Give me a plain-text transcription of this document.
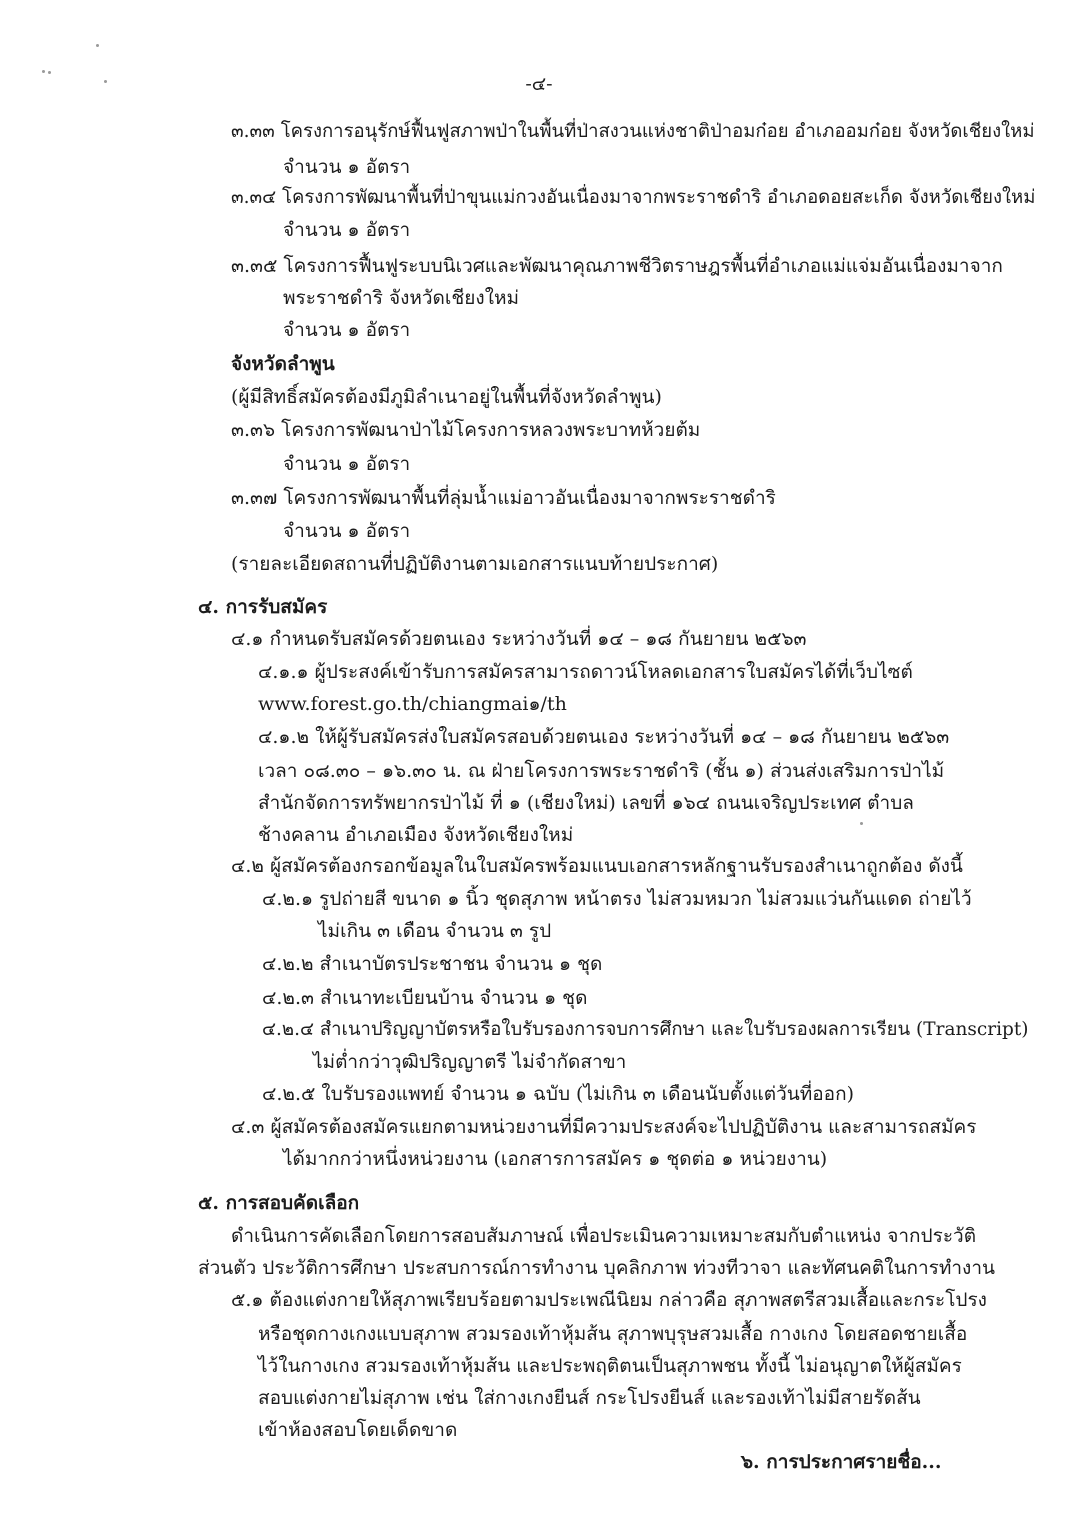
-๔-
๓.๓๓ โครงการอนุรักษ์ฟื้นฟูสภาพป่าในพื้นที่ป่าสงวนแห่งชาติป่าอมก๋อย อำเภออมก๋อย จังหวัดเชียงใหม่
จำนวน ๑ อัตรา
๓.๓๔ โครงการพัฒนาพื้นที่ป่าขุนแม่กวงอันเนื่องมาจากพระราชดำริ อำเภอดอยสะเก็ด จังหวัดเชียงใหม่
จำนวน ๑ อัตรา
๓.๓๕ โครงการฟื้นฟูระบบนิเวศและพัฒนาคุณภาพชีวิตราษฎรพื้นที่อำเภอแม่แจ่มอันเนื่องมาจาก
พระราชดำริ จังหวัดเชียงใหม่
จำนวน ๑ อัตรา
จังหวัดลำพูน
(ผู้มีสิทธิ์สมัครต้องมีภูมิลำเนาอยู่ในพื้นที่จังหวัดลำพูน)
๓.๓๖ โครงการพัฒนาป่าไม้โครงการหลวงพระบาทห้วยต้ม
จำนวน ๑ อัตรา
๓.๓๗ โครงการพัฒนาพื้นที่ลุ่มน้ำแม่อาวอันเนื่องมาจากพระราชดำริ
จำนวน ๑ อัตรา
(รายละเอียดสถานที่ปฏิบัติงานตามเอกสารแนบท้ายประกาศ)
๔. การรับสมัคร
๔.๑ กำหนดรับสมัครด้วยตนเอง ระหว่างวันที่ ๑๔ – ๑๘ กันยายน ๒๕๖๓
๔.๑.๑ ผู้ประสงค์เข้ารับการสมัครสามารถดาวน์โหลดเอกสารใบสมัครได้ที่เว็บไซต์
www.forest.go.th/chiangmai๑/th
๔.๑.๒ ให้ผู้รับสมัครส่งใบสมัครสอบด้วยตนเอง ระหว่างวันที่ ๑๔ – ๑๘ กันยายน ๒๕๖๓
เวลา ๐๘.๓๐ – ๑๖.๓๐ น. ณ ฝ่ายโครงการพระราชดำริ (ชั้น ๑) ส่วนส่งเสริมการป่าไม้
สำนักจัดการทรัพยากรป่าไม้ ที่ ๑ (เชียงใหม่) เลขที่ ๑๖๔ ถนนเจริญประเทศ ตำบล
ช้างคลาน อำเภอเมือง จังหวัดเชียงใหม่
๔.๒ ผู้สมัครต้องกรอกข้อมูลในใบสมัครพร้อมแนบเอกสารหลักฐานรับรองสำเนาถูกต้อง ดังนี้
๔.๒.๑ รูปถ่ายสี ขนาด ๑ นิ้ว ชุดสุภาพ หน้าตรง ไม่สวมหมวก ไม่สวมแว่นกันแดด ถ่ายไว้
ไม่เกิน ๓ เดือน จำนวน ๓ รูป
๔.๒.๒ สำเนาบัตรประชาชน จำนวน ๑ ชุด
๔.๒.๓ สำเนาทะเบียนบ้าน จำนวน ๑ ชุด
๔.๒.๔ สำเนาปริญญาบัตรหรือใบรับรองการจบการศึกษา และใบรับรองผลการเรียน (Transcript)
ไม่ต่ำกว่าวุฒิปริญญาตรี ไม่จำกัดสาขา
๔.๒.๕ ใบรับรองแพทย์ จำนวน ๑ ฉบับ (ไม่เกิน ๓ เดือนนับตั้งแต่วันที่ออก)
๔.๓ ผู้สมัครต้องสมัครแยกตามหน่วยงานที่มีความประสงค์จะไปปฏิบัติงาน และสามารถสมัคร
ได้มากกว่าหนึ่งหน่วยงาน (เอกสารการสมัคร ๑ ชุดต่อ ๑ หน่วยงาน)
๕. การสอบคัดเลือก
ดำเนินการคัดเลือกโดยการสอบสัมภาษณ์ เพื่อประเมินความเหมาะสมกับตำแหน่ง จากประวัติ
ส่วนตัว ประวัติการศึกษา ประสบการณ์การทำงาน บุคลิกภาพ ท่วงทีวาจา และทัศนคติในการทำงาน
๕.๑ ต้องแต่งกายให้สุภาพเรียบร้อยตามประเพณีนิยม กล่าวคือ สุภาพสตรีสวมเสื้อและกระโปรง
หรือชุดกางเกงแบบสุภาพ สวมรองเท้าหุ้มส้น สุภาพบุรุษสวมเสื้อ กางเกง โดยสอดชายเสื้อ
ไว้ในกางเกง สวมรองเท้าหุ้มส้น และประพฤติตนเป็นสุภาพชน ทั้งนี้ ไม่อนุญาตให้ผู้สมัคร
สอบแต่งกายไม่สุภาพ เช่น ใส่กางเกงยีนส์ กระโปรงยีนส์ และรองเท้าไม่มีสายรัดส้น
เข้าห้องสอบโดยเด็ดขาด
๖. การประกาศรายชื่อ...
